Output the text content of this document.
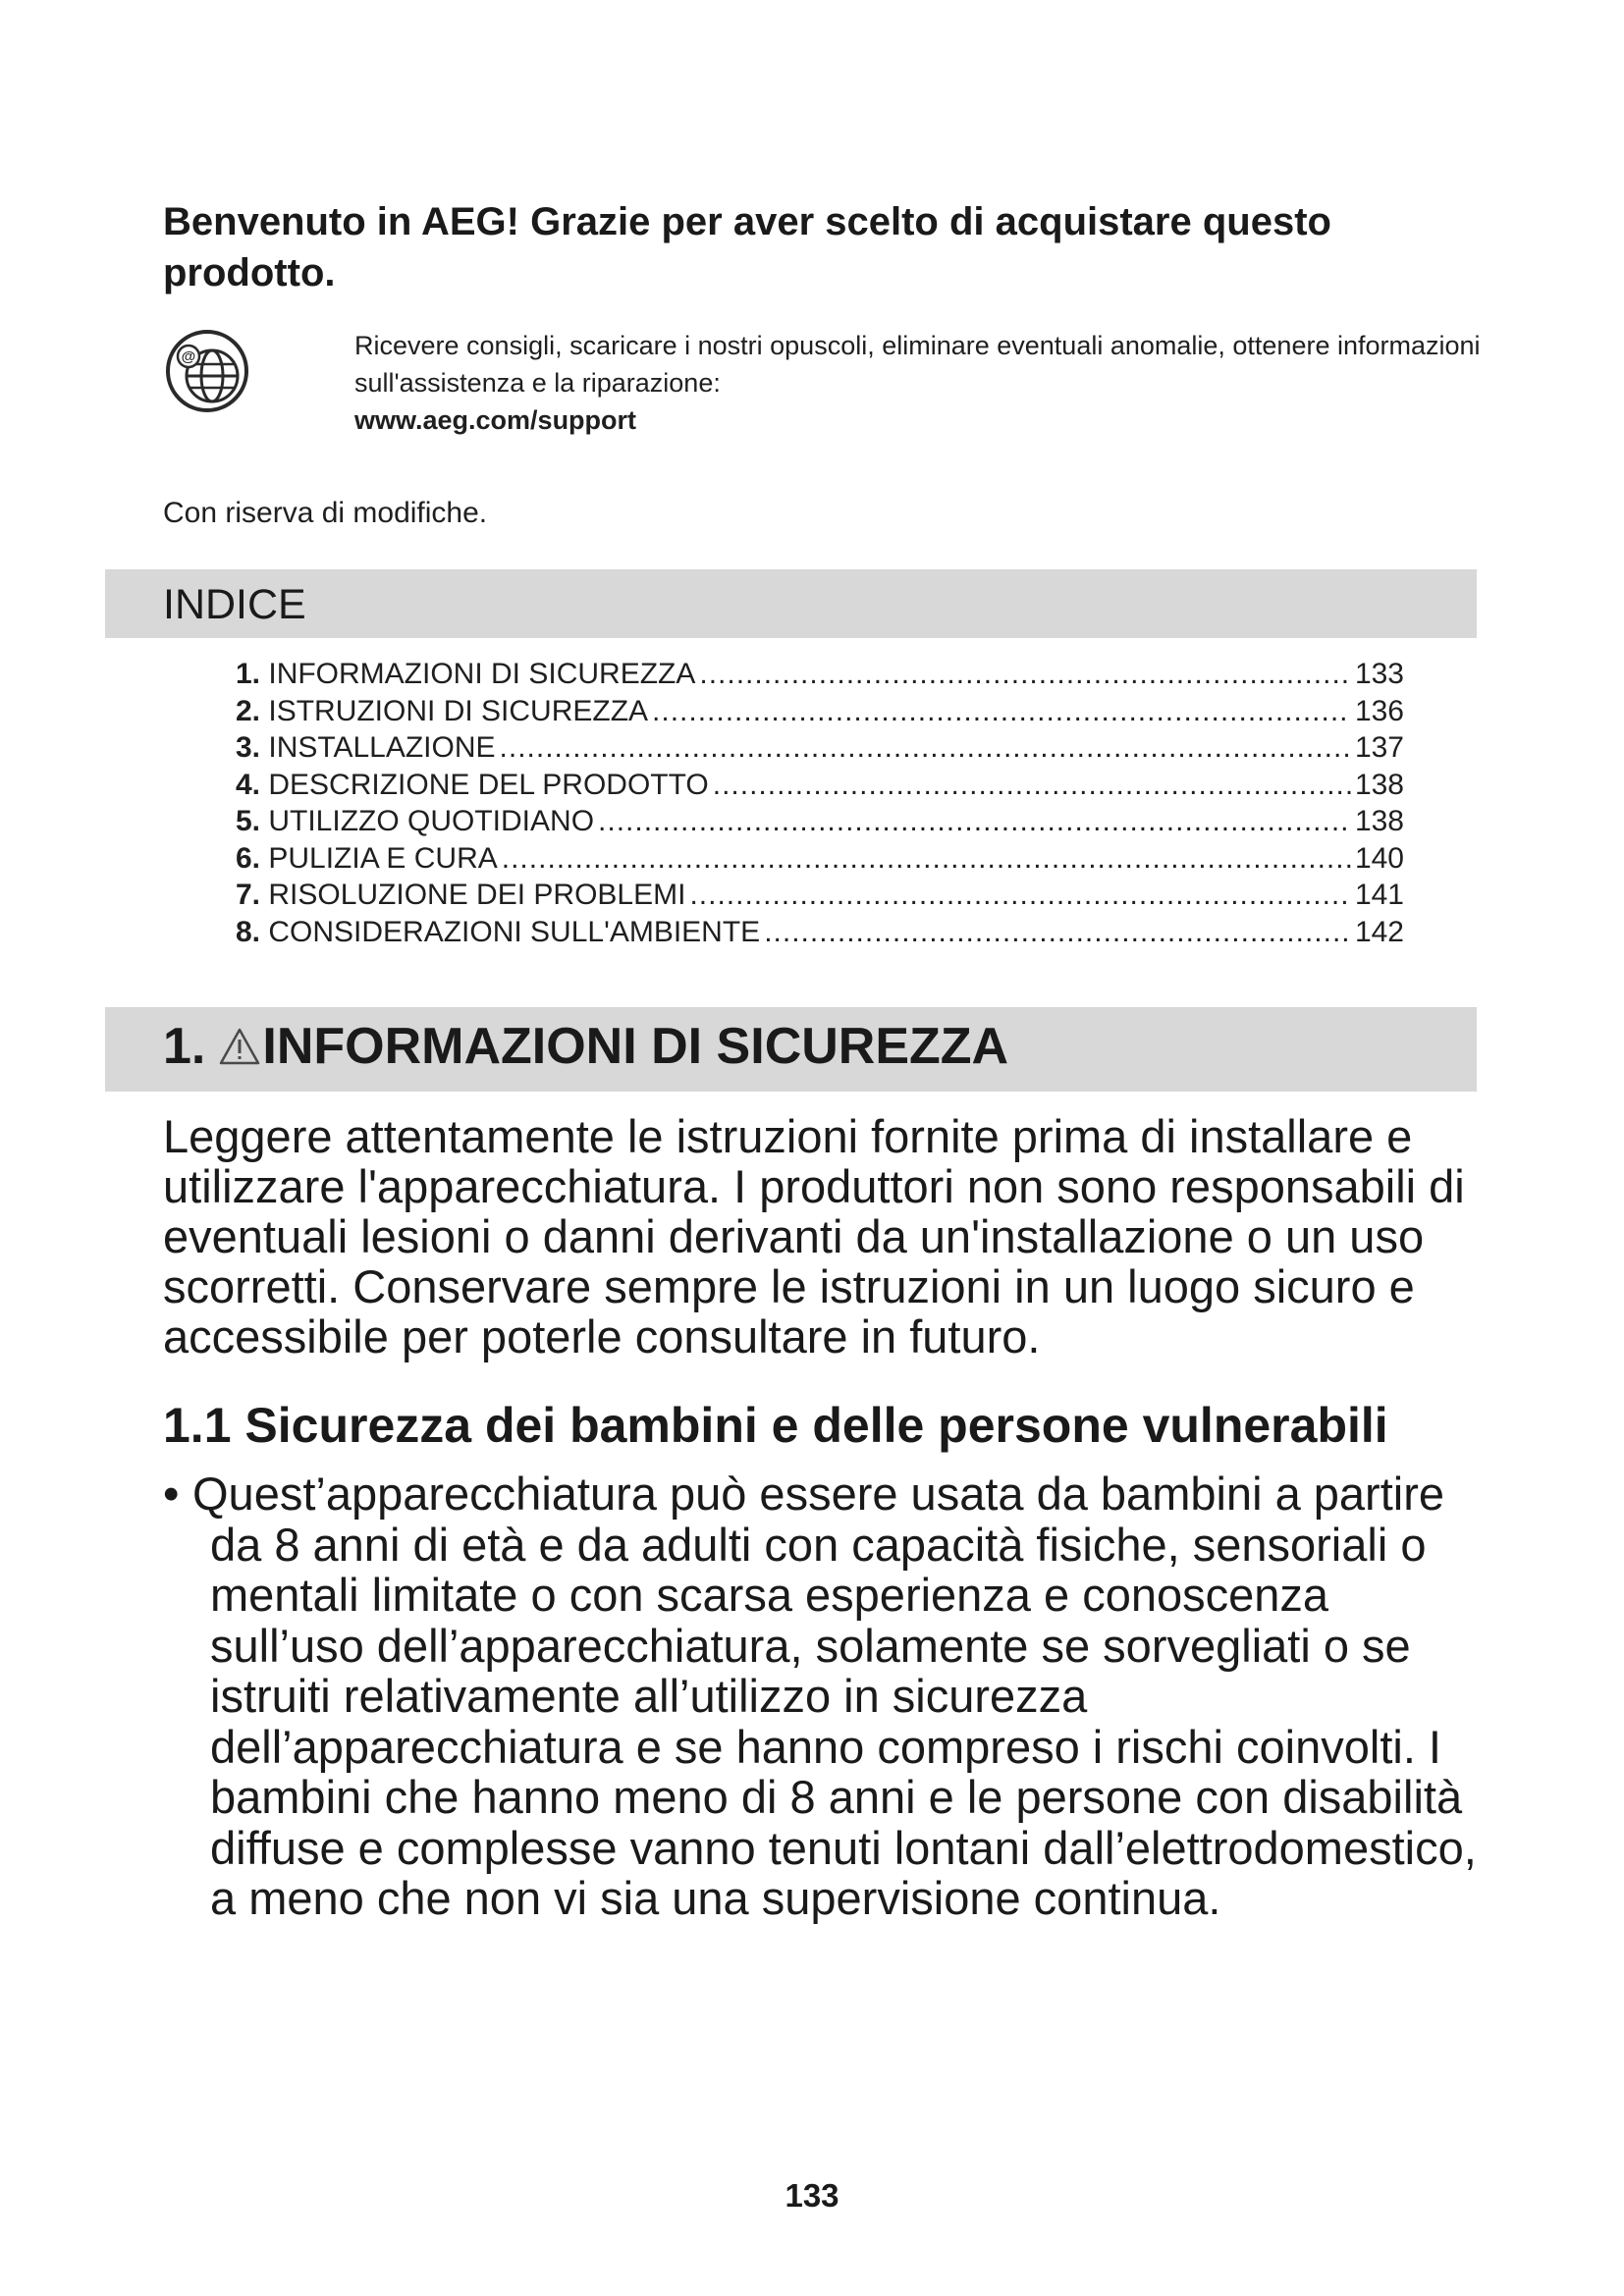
Benvenuto in AEG! Grazie per aver scelto di acquistare questo prodotto.
@	Ricevere consigli, scaricare i nostri opuscoli, eliminare eventuali anomalie, ottenere informazioni sull'assistenza e la riparazione:
www.aeg.com/support
Con riserva di modifiche.
INDICE
1. INFORMAZIONI DI SICUREZZA .....	133
2. ISTRUZIONI DI SICUREZZA .....	136
3. INSTALLAZIONE .....	137
4. DESCRIZIONE DEL PRODOTTO .....	138
5. UTILIZZO QUOTIDIANO .....	138
6. PULIZIA E CURA .....	140
7. RISOLUZIONE DEI PROBLEMI .....	141
8. CONSIDERAZIONI SULL'AMBIENTE .....	142
1. INFORMAZIONI DI SICUREZZA
Leggere attentamente le istruzioni fornite prima di installare e utilizzare l'apparecchiatura. I produttori non sono responsabili di eventuali lesioni o danni derivanti da un'installazione o un uso scorretti. Conservare sempre le istruzioni in un luogo sicuro e accessibile per poterle consultare in futuro.
1.1 Sicurezza dei bambini e delle persone vulnerabili
• Quest’apparecchiatura può essere usata da bambini a partire da 8 anni di età e da adulti con capacità fisiche, sensoriali o mentali limitate o con scarsa esperienza e conoscenza sull’uso dell’apparecchiatura, solamente se sorvegliati o se istruiti relativamente all’utilizzo in sicurezza dell’apparecchiatura e se hanno compreso i rischi coinvolti. I bambini che hanno meno di 8 anni e le persone con disabilità diffuse e complesse vanno tenuti lontani dall’elettrodomestico, a meno che non vi sia una supervisione continua.
133
